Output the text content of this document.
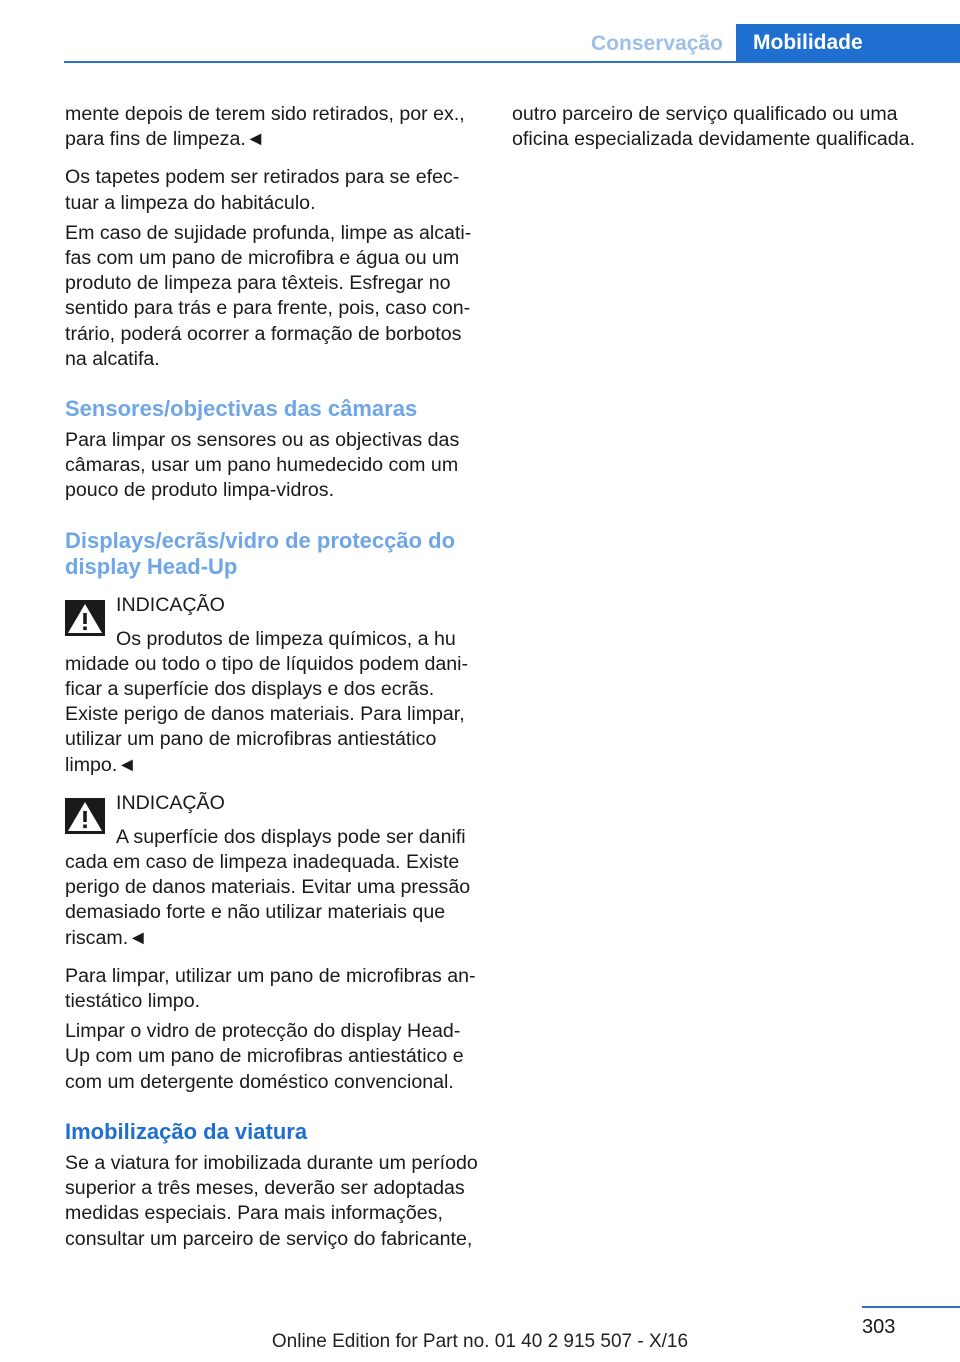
Conservação	Mobilidade

mente depois de terem sido retirados, por ex., para fins de limpeza.◄

Os tapetes podem ser retirados para se efectuar a limpeza do habitáculo.

Em caso de sujidade profunda, limpe as alcatifas com um pano de microfibra e água ou um produto de limpeza para têxteis. Esfregar no sentido para trás e para frente, pois, caso contrário, poderá ocorrer a formação de borbotos na alcatifa.

Sensores/objectivas das câmaras

Para limpar os sensores ou as objectivas das câmaras, usar um pano humedecido com um pouco de produto limpa-vidros.

Displays/ecrãs/vidro de protecção do display Head-Up
INDICAÇÃO

Os produtos de limpeza químicos, a hu

midade ou todo o tipo de líquidos podem danificar a superfície dos displays e dos ecrãs. Existe perigo de danos materiais. Para limpar, utilizar um pano de microfibras antiestático limpo.◄

INDICAÇÃO

A superfície dos displays pode ser danifi

cada em caso de limpeza inadequada. Existe perigo de danos materiais. Evitar uma pressão demasiado forte e não utilizar materiais que riscam.◄

Para limpar, utilizar um pano de microfibras antiestático limpo.

Limpar o vidro de protecção do display Head-Up com um pano de microfibras antiestático e com um detergente doméstico convencional.

Imobilização da viatura

Se a viatura for imobilizada durante um período superior a três meses, deverão ser adoptadas medidas especiais. Para mais informações, consultar um parceiro de serviço do fabricante,

outro parceiro de serviço qualificado ou uma oficina especializada devidamente qualificada.

303
Online Edition for Part no. 01 40 2 915 507 - X/16
